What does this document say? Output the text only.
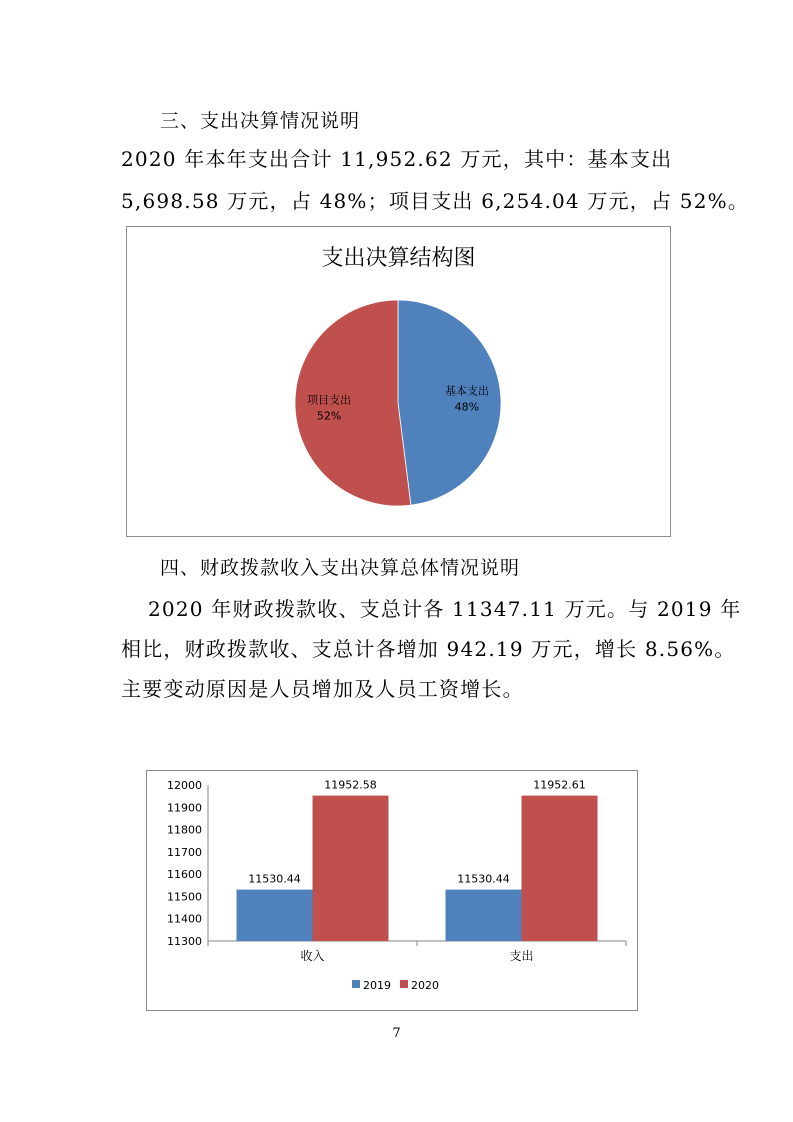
三、支出决算情况说明
2020 年本年支出合计 11,952.62 万元，其中：基本支出
5,698.58 万元，占 48%；项目支出 6,254.04 万元，占 52%。
支出决算结构图
基本支出
48%
项目支出
52%
四、财政拨款收入支出决算总体情况说明
2020 年财政拨款收、支总计各 11347.11 万元。与 2019 年
相比，财政拨款收、支总计各增加 942.19 万元，增长 8.56%。
主要变动原因是人员增加及人员工资增长。
11300
11400
11500
11600
11700
11800
11900
12000
11530.44
11952.58
收入
11530.44
11952.61
支出
2019 2020
7
